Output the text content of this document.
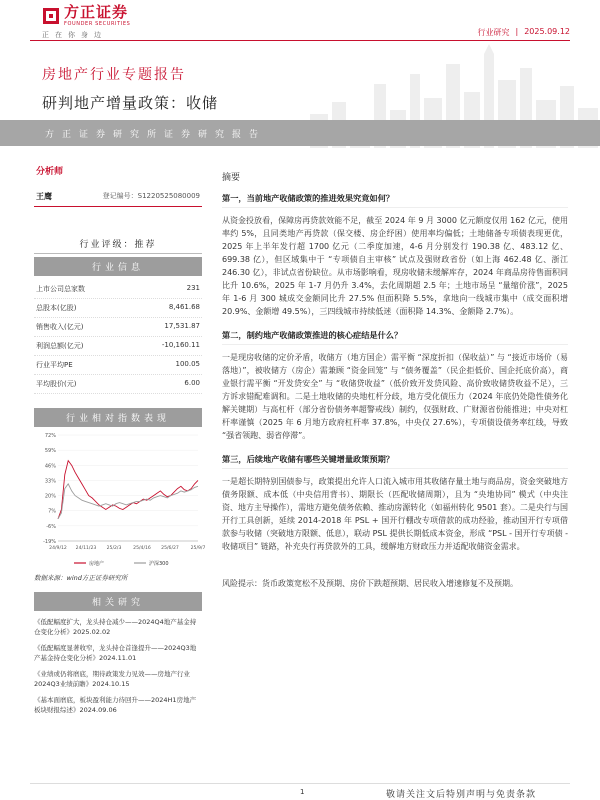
方正证券
FOUNDER SECURITIES
正在你身边	行业研究 | 2025.09.12
房地产行业专题报告
研判地产增量政策：收储
方正证券研究所证券研究报告
分析师
王鹰	登记编号：S1220525080009
行业评级：推荐
行业信息
上市公司总家数	231
总股本(亿股)	8,461.68
销售收入(亿元)	17,531.87
利润总额(亿元)	-10,160.11
行业平均PE	100.05
平均股价(元)	6.00
行业相对指数表现
72%
59%
46%
33%
20%
7%
-6%
-19%
24/9/12 24/11/23 25/2/3	25/4/16 25/6/27	25/9/7
房地产	沪深300
数据来源：wind方正证券研究所
相关研究
《低配幅度扩大，龙头持仓减少——2024Q4地产基金持仓变化分析》2025.02.02
《低配幅度显著收窄，龙头持仓首逢提升——2024Q3地产基金持仓变化分析》2024.11.01
《业绩或仍将磨底，期待政策发力见效——房地产行业2024Q3业绩前瞻》2024.10.15
《基本面磨底，板块盈利能力待回升——2024H1房地产板块财报综述》2024.09.06
摘要
第一，当前地产收储政策的推进效果究竟如何？
从资金投放看，保障房再贷款效能不足，截至 2024 年 9 月 3000 亿元额度仅用 162 亿元，使用率约 5%，且同类地产再贷款（保交楼、房企纾困）使用率均偏低；土地储备专项债表现更优，2025 年上半年发行超 1700 亿元（二季度加速，4-6 月分别发行 190.38 亿、483.12 亿、699.38 亿），但区域集中于 “专项债自主审核” 试点及强财政省份（如上海 462.48 亿、浙江 246.30 亿），非试点省份缺位。从市场影响看，现房收储未缓解库存，2024 年商品房待售面积同比升 10.6%，2025 年 1-7 月仍升 3.4%，去化周期超 2.5 年；土地市场呈 “量缩价涨”，2025 年 1-6 月 300 城成交金额同比升 27.5% 但面积降 5.5%，拿地向一线城市集中（成交面积增 20.9%、金额增 49.5%），三四线城市持续低迷（面积降 14.3%、金额降 2.7%）。
第二，制约地产收储政策推进的核心症结是什么？
一是现房收储的定价矛盾，收储方（地方国企）需平衡 “深度折扣（保收益）” 与 “接近市场价（易落地）”，被收储方（房企）需兼顾 “资金回笼” 与 “债务覆盖”（民企拒低价、国企托底价高），商业银行需平衡 “开发贷安全” 与 “收储贷收益”（低价致开发贷风险、高价致收储贷收益不足），三方诉求错配难调和。二是土地收储的央地杠杆分歧，地方受化债压力（2024 年底仍处隐性债务化解关键期）与高杠杆（部分省份债务率超警戒线）制约，仅强财政、广财源省份能推进；中央对杠杆率谨慎（2025 年 6 月地方政府杠杆率 37.8%，中央仅 27.6%），专项债设债务率红线，导致 “强省领跑、弱省停滞”。
第三，后续地产收储有哪些关键增量政策预期？
一是超长期特别国债参与，政策提出允许人口流入城市用其收储存量土地与商品房，资金突破地方债务限额、成本低（中央信用背书）、期限长（匹配收储周期），且为 “央地协同” 模式（中央注资、地方主导操作），需地方避免债务依赖、推动房源转化（如福州转化 9501 套）。二是央行与国开行工具创新，延续 2014-2018 年 PSL + 国开行棚改专项借款的成功经验，推动国开行专项借款参与收储（突破地方限额、低息），联动 PSL 提供长期低成本资金，形成 “PSL - 国开行专项债 - 收储项目” 链路，补充央行再贷款外的工具，缓解地方财政压力并适配收储资金需求。
风险提示：货币政策宽松不及预期、房价下跌超预期、居民收入增速修复不及预期。
1	敬请关注文后特别声明与免责条款
